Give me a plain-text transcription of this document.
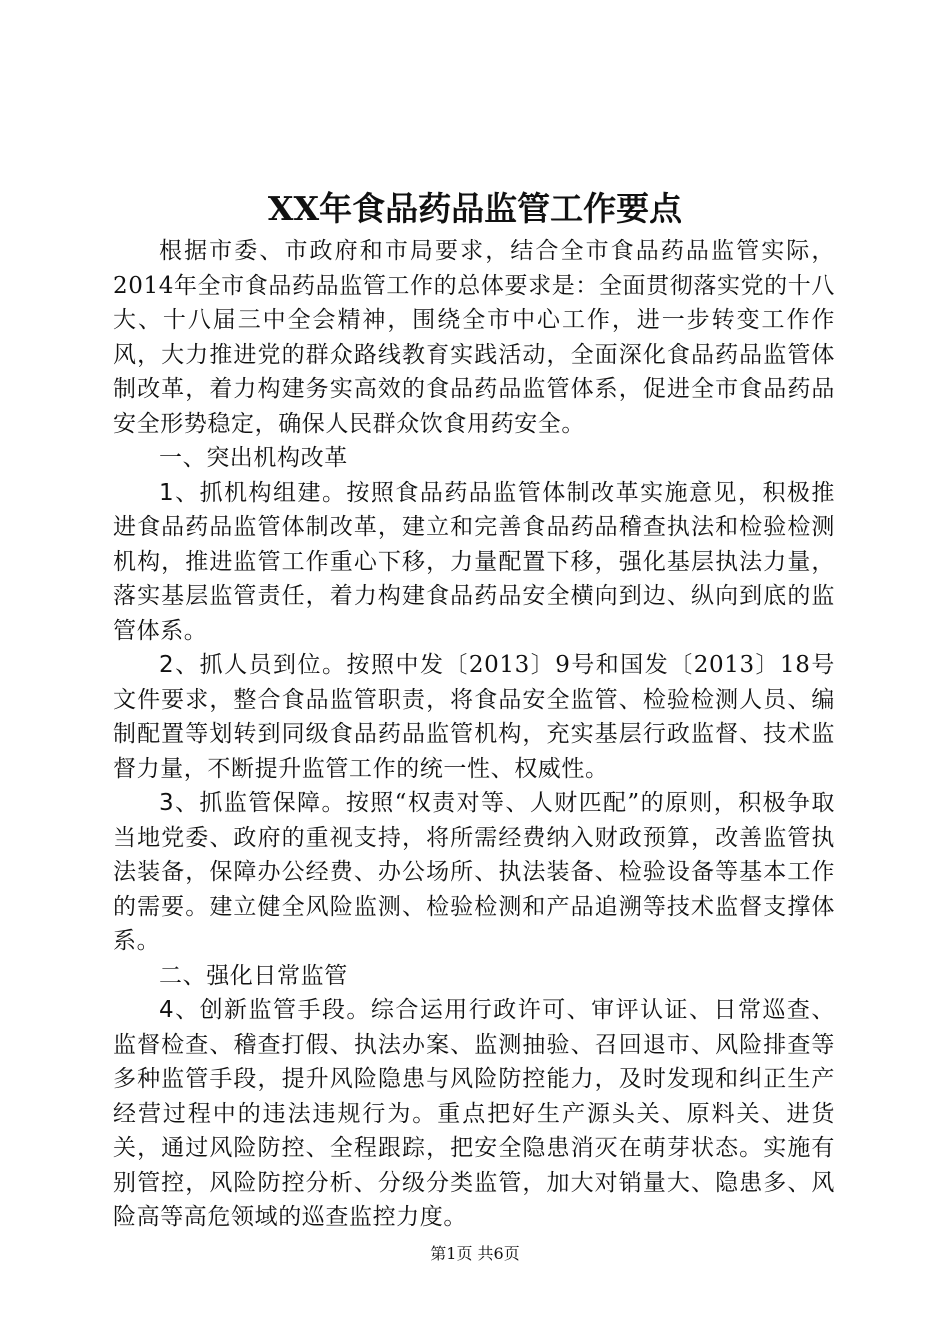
XX年食品药品监管工作要点

根据市委、市政府和市局要求，结合全市食品药品监管实际，2014年全市食品药品监管工作的总体要求是：全面贯彻落实党的十八大、十八届三中全会精神，围绕全市中心工作，进一步转变工作作风，大力推进党的群众路线教育实践活动，全面深化食品药品监管体制改革，着力构建务实高效的食品药品监管体系，促进全市食品药品安全形势稳定，确保人民群众饮食用药安全。

一、突出机构改革

1、抓机构组建。按照食品药品监管体制改革实施意见，积极推进食品药品监管体制改革，建立和完善食品药品稽查执法和检验检测机构，推进监管工作重心下移，力量配置下移，强化基层执法力量，落实基层监管责任，着力构建食品药品安全横向到边、纵向到底的监管体系。

2、抓人员到位。按照中发〔2013〕9号和国发〔2013〕18号文件要求，整合食品监管职责，将食品安全监管、检验检测人员、编制配置等划转到同级食品药品监管机构，充实基层行政监督、技术监督力量，不断提升监管工作的统一性、权威性。

3、抓监管保障。按照“权责对等、人财匹配”的原则，积极争取当地党委、政府的重视支持，将所需经费纳入财政预算，改善监管执法装备，保障办公经费、办公场所、执法装备、检验设备等基本工作的需要。建立健全风险监测、检验检测和产品追溯等技术监督支撑体系。

二、强化日常监管

4、创新监管手段。综合运用行政许可、审评认证、日常巡查、监督检查、稽查打假、执法办案、监测抽验、召回退市、风险排查等多种监管手段，提升风险隐患与风险防控能力，及时发现和纠正生产经营过程中的违法违规行为。重点把好生产源头关、原料关、进货关，通过风险防控、全程跟踪，把安全隐患消灭在萌芽状态。实施有别管控，风险防控分析、分级分类监管，加大对销量大、隐患多、风险高等高危领域的巡查监控力度。

第1页 共6页
